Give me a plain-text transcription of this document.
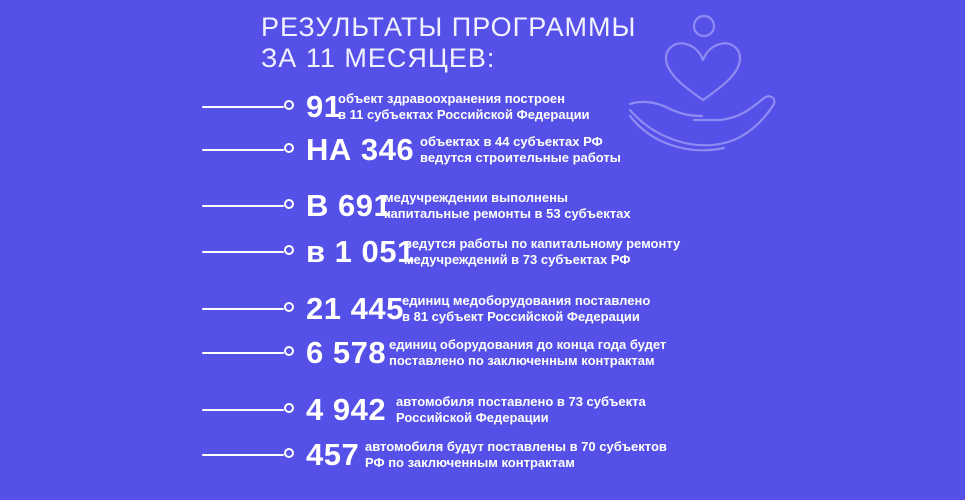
РЕЗУЛЬТАТЫ ПРОГРАММЫ
ЗА 11 МЕСЯЦЕВ:
91
объект здравоохранения построен
в 11 субъектах Российской Федерации
НА 346 объектах в 44 субъектах РФ
ведутся строительные работы
В 691
медучреждении выполнены
капитальные ремонты в 53 субъектах
в 1 051
ведутся работы по капитальному ремонту
медучреждений в 73 субъектах РФ
21 445
единиц медоборудования поставлено
в 81 субъект Российской Федерации
6 578 единиц оборудования до конца года будет
поставлено по заключенным контрактам
4 942 автомобиля поставлено в 73 субъекта
Российской Федерации
457 автомобиля будут поставлены в 70 субъектов
РФ по заключенным контрактам
